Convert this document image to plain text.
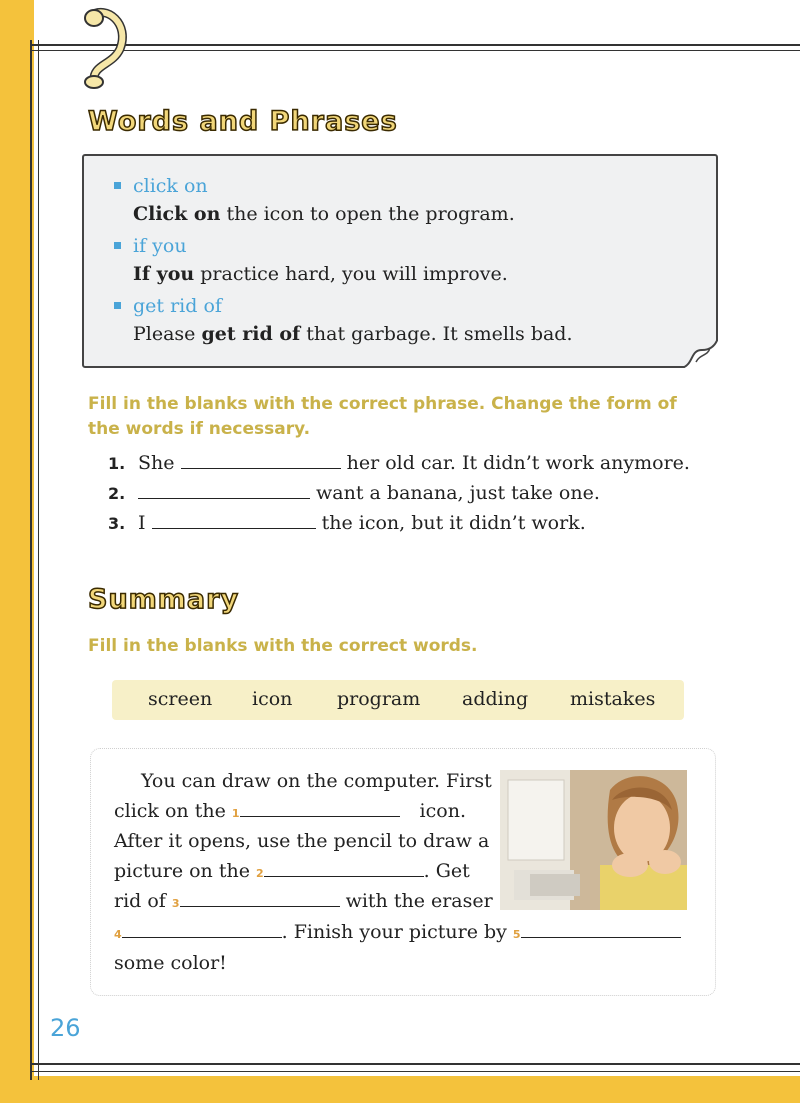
Words and Phrases
click on
Click on the icon to open the program.
if you
If you practice hard, you will improve.
get rid of
Please get rid of that garbage. It smells bad.
Fill in the blanks with the correct phrase. Change the form of
the words if necessary.
1. She	her old car. It didn’t work anymore.
2.	want a banana, just take one.
3. I	the icon, but it didn’t work.
Summary
Fill in the blanks with the correct words.
screen icon program adding mistakes
You can draw on the computer. First
click on the 1	icon.
After it opens, use the pencil to draw a
picture on the 2	. Get
rid of 3	with the eraser
4	. Finish your picture by 5
some color!
26
